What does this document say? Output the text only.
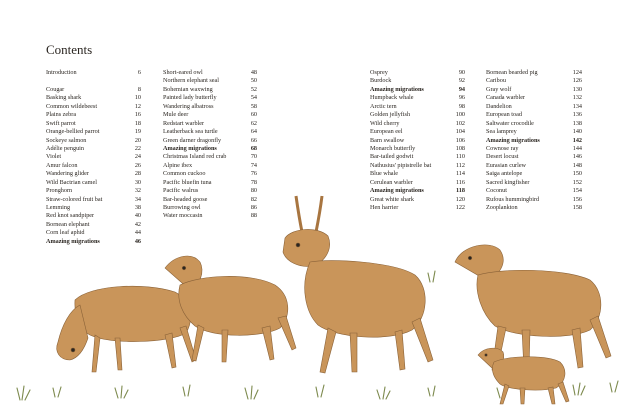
Contents
Introduction	6
Cougar	8
Basking shark	10
Common wildebeest	12
Plains zebra	16
Swift parrot	18
Orange-bellied parrot	19
Sockeye salmon	20
Adélie penguin	22
Violet	24
Amur falcon	26
Wandering glider	28
Wild Bactrian camel	30
Pronghorn	32
Straw-colored fruit bat	34
Lemming	38
Red knot sandpiper	40
Bornean elephant	42
Corn leaf aphid	44
Amazing migrations	46
Short-eared owl	48
Northern elephant seal	50
Bohemian waxwing	52
Painted lady butterfly	54
Wandering albatross	58
Mule deer	60
Redstart warbler	62
Leatherback sea turtle	64
Green darner dragonfly	66
Amazing migrations	68
Christmas Island red crab	70
Alpine ibex	74
Common cuckoo	76
Pacific bluefin tuna	78
Pacific walrus	80
Bar-headed goose	82
Burrowing owl	86
Water moccasin	88
Osprey	90
Burdock	92
Amazing migrations	94
Humpback whale	96
Arctic tern	98
Golden jellyfish	100
Wild cherry	102
European eel	104
Barn swallow	106
Monarch butterfly	108
Bar-tailed godwit	110
Nathusius' pipistrelle bat	112
Blue whale	114
Cerulean warbler	116
Amazing migrations	118
Great white shark	120
Hen harrier	122
Bornean bearded pig	124
Caribou	126
Gray wolf	130
Canada warbler	132
Dandelion	134
European toad	136
Saltwater crocodile	138
Sea lamprey	140
Amazing migrations	142
Cownose ray	144
Desert locust	146
Eurasian curlew	148
Saiga antelope	150
Sacred kingfisher	152
Coconut	154
Rufous hummingbird	156
Zooplankton	158
